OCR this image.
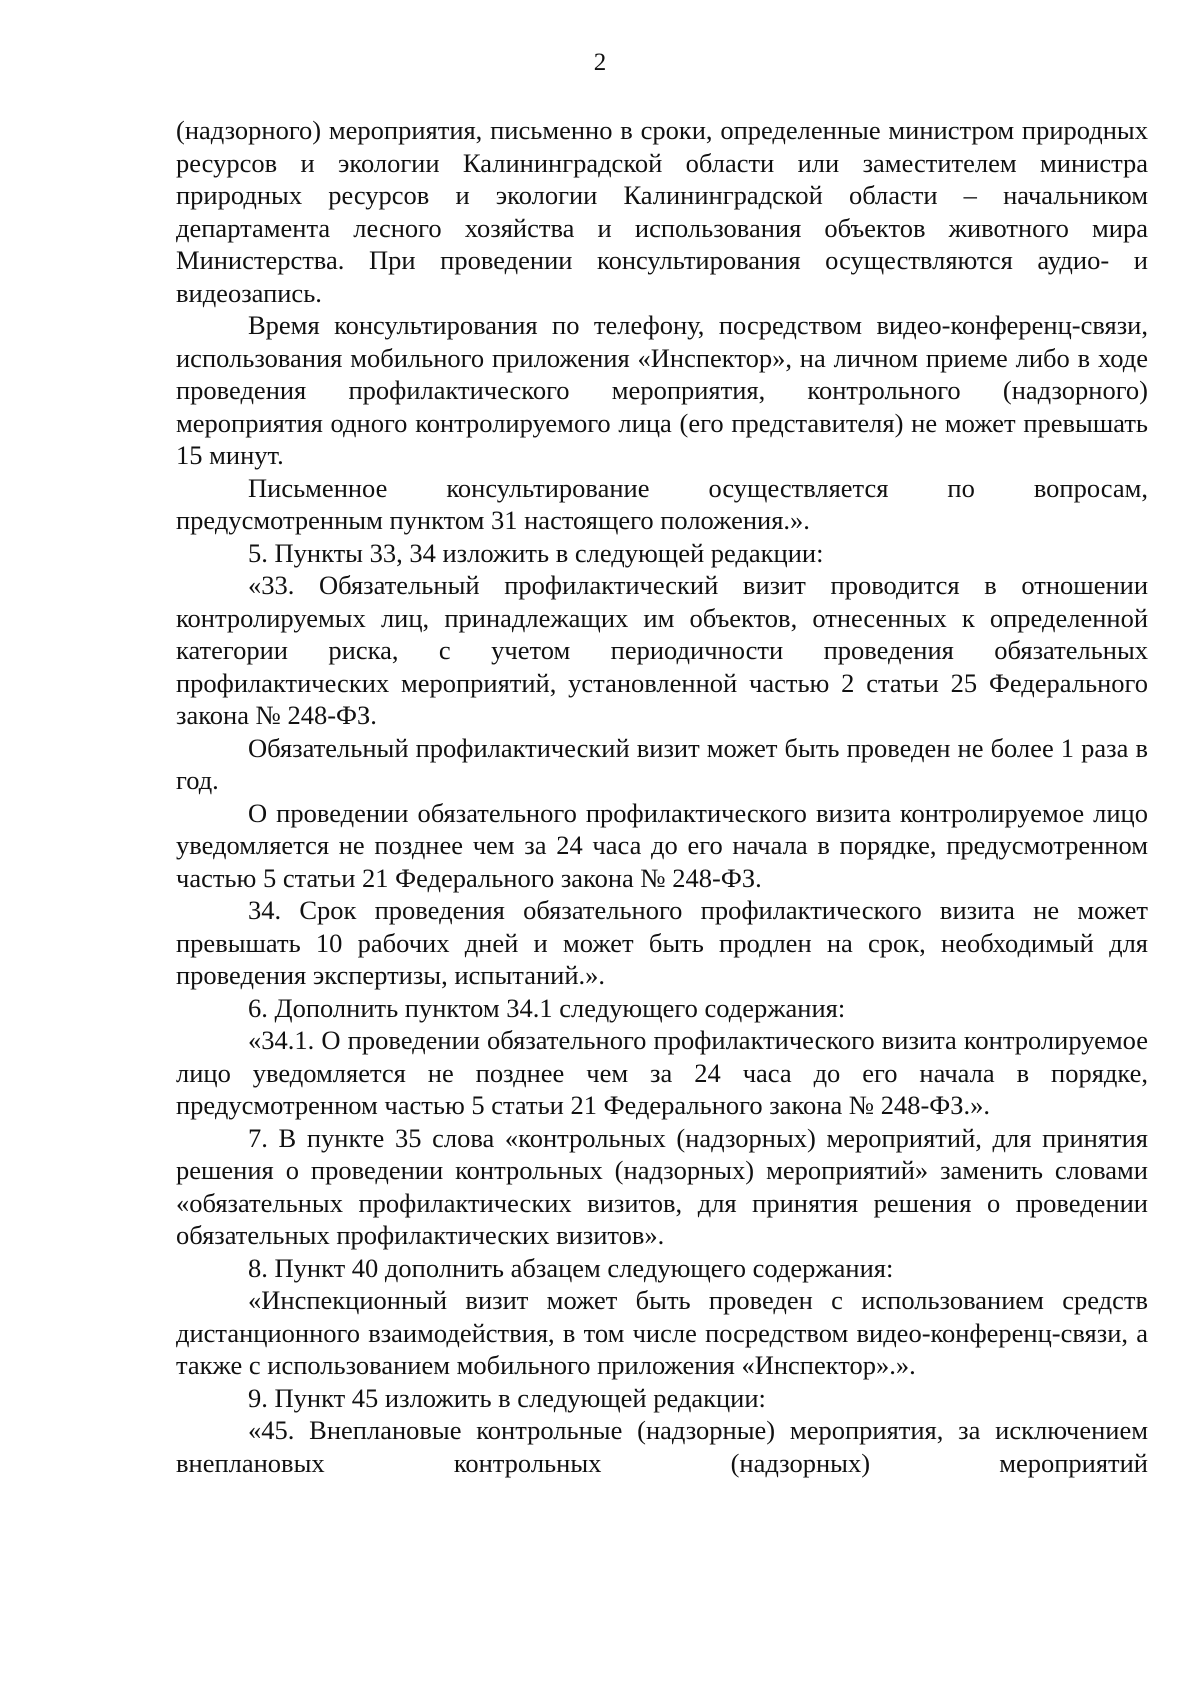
2

(надзорного) мероприятия, письменно в сроки, определенные министром природных ресурсов и экологии Калининградской области или заместителем министра природных ресурсов и экологии Калининградской области – начальником департамента лесного хозяйства и использования объектов животного мира Министерства. При проведении консультирования осуществляются аудио- и видеозапись.

Время консультирования по телефону, посредством видео-конференц-связи, использования мобильного приложения «Инспектор», на личном приеме либо в ходе проведения профилактического мероприятия, контрольного (надзорного) мероприятия одного контролируемого лица (его представителя) не может превышать 15 минут.

Письменное консультирование осуществляется по вопросам, предусмотренным пунктом 31 настоящего положения.».

5. Пункты 33, 34 изложить в следующей редакции:

«33. Обязательный профилактический визит проводится в отношении контролируемых лиц, принадлежащих им объектов, отнесенных к определенной категории риска, с учетом периодичности проведения обязательных профилактических мероприятий, установленной частью 2 статьи 25 Федерального закона № 248-ФЗ.

Обязательный профилактический визит может быть проведен не более 1 раза в год.

О проведении обязательного профилактического визита контролируемое лицо уведомляется не позднее чем за 24 часа до его начала в порядке, предусмотренном частью 5 статьи 21 Федерального закона № 248-ФЗ.

34. Срок проведения обязательного профилактического визита не может превышать 10 рабочих дней и может быть продлен на срок, необходимый для проведения экспертизы, испытаний.».

6. Дополнить пунктом 34.1 следующего содержания:

«34.1. О проведении обязательного профилактического визита контролируемое лицо уведомляется не позднее чем за 24 часа до его начала в порядке, предусмотренном частью 5 статьи 21 Федерального закона № 248-ФЗ.».

7. В пункте 35 слова «контрольных (надзорных) мероприятий, для принятия решения о проведении контрольных (надзорных) мероприятий» заменить словами «обязательных профилактических визитов, для принятия решения о проведении обязательных профилактических визитов».

8. Пункт 40 дополнить абзацем следующего содержания:

«Инспекционный визит может быть проведен с использованием средств дистанционного взаимодействия, в том числе посредством видео-конференц-связи, а также с использованием мобильного приложения «Инспектор».».

9. Пункт 45 изложить в следующей редакции:

«45. Внеплановые контрольные (надзорные) мероприятия, за исключением внеплановых контрольных (надзорных) мероприятий
